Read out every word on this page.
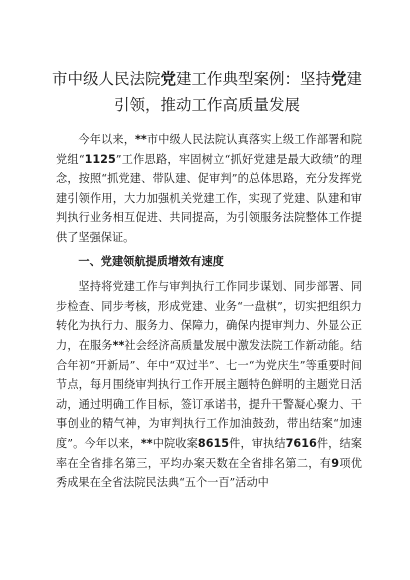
市中级人民法院党建工作典型案例：坚持党建
引领，推动工作高质量发展

今年以来，**市中级人民法院认真落实上级工作部署和院党组“1125”工作思路，牢固树立“抓好党建是最大政绩”的理念，按照“抓党建、带队建、促审判”的总体思路，充分发挥党建引领作用，大力加强机关党建工作，实现了党建、队建和审判执行业务相互促进、共同提高，为引领服务法院整体工作提供了坚强保证。

一、党建领航提质增效有速度

坚持将党建工作与审判执行工作同步谋划、同步部署、同步检查、同步考核，形成党建、业务“一盘棋”，切实把组织力转化为执行力、服务力、保障力，确保内提审判力、外显公正力，在服务**社会经济高质量发展中激发法院工作新动能。结合年初“开新局”、年中“双过半”、七一“为党庆生”等重要时间节点，每月围绕审判执行工作开展主题特色鲜明的主题党日活动，通过明确工作目标，签订承诺书，提升干警凝心聚力、干事创业的精气神，为审判执行工作加油鼓劲，带出结案“加速度”。今年以来，**中院收案8615件，审执结7616件，结案率在全省排名第三，平均办案天数在全省排名第二，有9项优秀成果在全省法院民法典“五个一百”活动中
